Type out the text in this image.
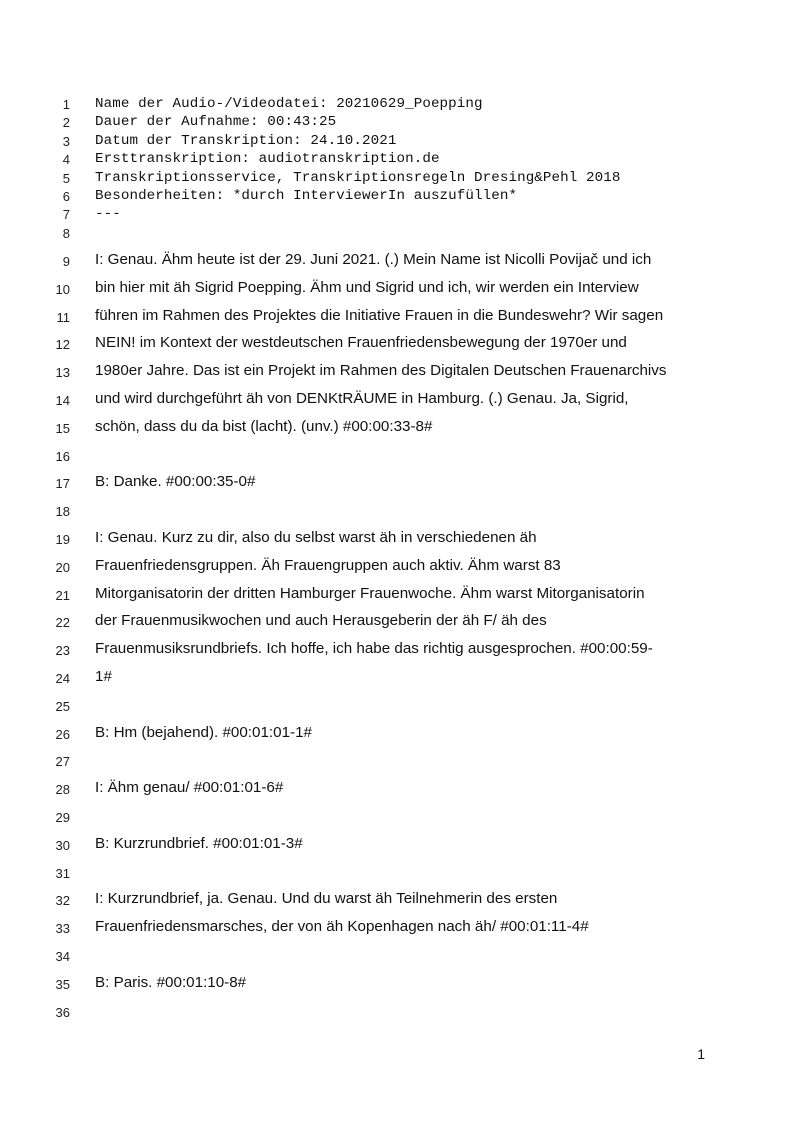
1 Name der Audio-/Videodatei: 20210629_Poepping
2 Dauer der Aufnahme: 00:43:25
3 Datum der Transkription: 24.10.2021
4 Ersttranskription: audiotranskription.de
5 Transkriptionsservice, Transkriptionsregeln Dresing&Pehl 2018
6 Besonderheiten: *durch InterviewerIn auszufüllen*
7 ---
8
9 I: Genau. Ähm heute ist der 29. Juni 2021. (.) Mein Name ist Nicolli Povijač und ich
10 bin hier mit äh Sigrid Poepping. Ähm und Sigrid und ich, wir werden ein Interview
11 führen im Rahmen des Projektes die Initiative Frauen in die Bundeswehr? Wir sagen
12 NEIN! im Kontext der westdeutschen Frauenfriedensbewegung der 1970er und
13 1980er Jahre. Das ist ein Projekt im Rahmen des Digitalen Deutschen Frauenarchivs
14 und wird durchgeführt äh von DENKtRÄUME in Hamburg. (.) Genau. Ja, Sigrid,
15 schön, dass du da bist (lacht). (unv.) #00:00:33-8#
16
17 B: Danke. #00:00:35-0#
18
19 I: Genau. Kurz zu dir, also du selbst warst äh in verschiedenen äh
20 Frauenfriedensgruppen. Äh Frauengruppen auch aktiv. Ähm warst 83
21 Mitorganisatorin der dritten Hamburger Frauenwoche. Ähm warst Mitorganisatorin
22 der Frauenmusikwochen und auch Herausgeberin der äh F/ äh des
23 Frauenmusiksrundbriefs. Ich hoffe, ich habe das richtig ausgesprochen. #00:00:59-
24 1#
25
26 B: Hm (bejahend). #00:01:01-1#
27
28 I: Ähm genau/ #00:01:01-6#
29
30 B: Kurzrundbrief. #00:01:01-3#
31
32 I: Kurzrundbrief, ja. Genau. Und du warst äh Teilnehmerin des ersten
33 Frauenfriedensmarsches, der von äh Kopenhagen nach äh/ #00:01:11-4#
34
35 B: Paris. #00:01:10-8#
36
1
